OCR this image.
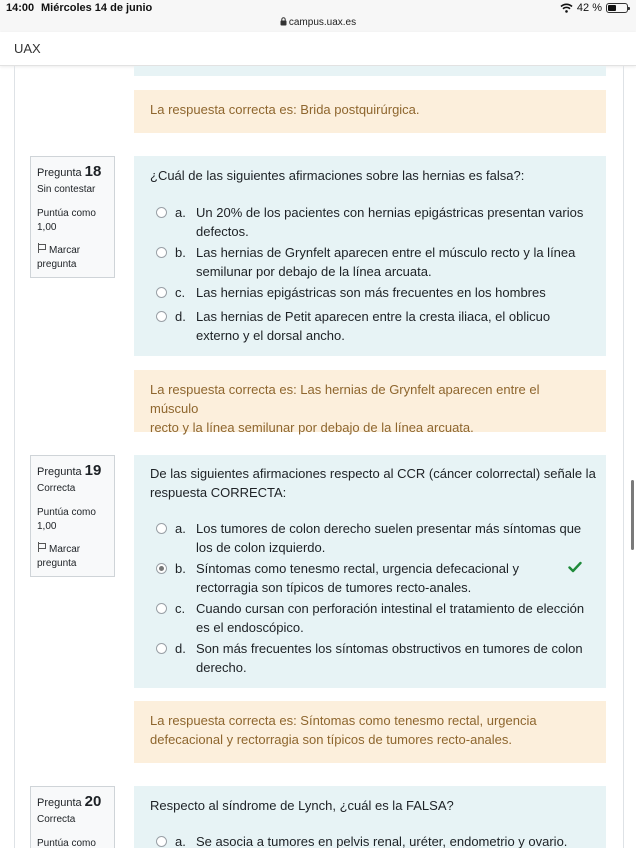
14:00 Miércoles 14 de junio
campus.uax.es
42 %
UAX
La respuesta correcta es: Brida postquirúrgica.
Pregunta 18
Sin contestar
Puntúa como
1,00
Marcar
pregunta
¿Cuál de las siguientes afirmaciones sobre las hernias es falsa?:
a. Un 20% de los pacientes con hernias epigástricas presentan varios
defectos.
b. Las hernias de Grynfelt aparecen entre el músculo recto y la línea
semilunar por debajo de la línea arcuata.
c. Las hernias epigástricas son más frecuentes en los hombres
d. Las hernias de Petit aparecen entre la cresta iliaca, el oblicuo
externo y el dorsal ancho.
La respuesta correcta es: Las hernias de Grynfelt aparecen entre el músculo
recto y la línea semilunar por debajo de la línea arcuata.
Pregunta 19
Correcta
Puntúa como
1,00
Marcar
pregunta
De las siguientes afirmaciones respecto al CCR (cáncer colorrectal) señale la
respuesta CORRECTA:
a. Los tumores de colon derecho suelen presentar más síntomas que
los de colon izquierdo.
b. Síntomas como tenesmo rectal, urgencia defecacional y
rectorragia son típicos de tumores recto-anales.
c. Cuando cursan con perforación intestinal el tratamiento de elección
es el endoscópico.
d. Son más frecuentes los síntomas obstructivos en tumores de colon
derecho.
La respuesta correcta es: Síntomas como tenesmo rectal, urgencia
defecacional y rectorragia son típicos de tumores recto-anales.
Pregunta 20
Correcta
Puntúa como
Respecto al síndrome de Lynch, ¿cuál es la FALSA?
a. Se asocia a tumores en pelvis renal, uréter, endometrio y ovario.
